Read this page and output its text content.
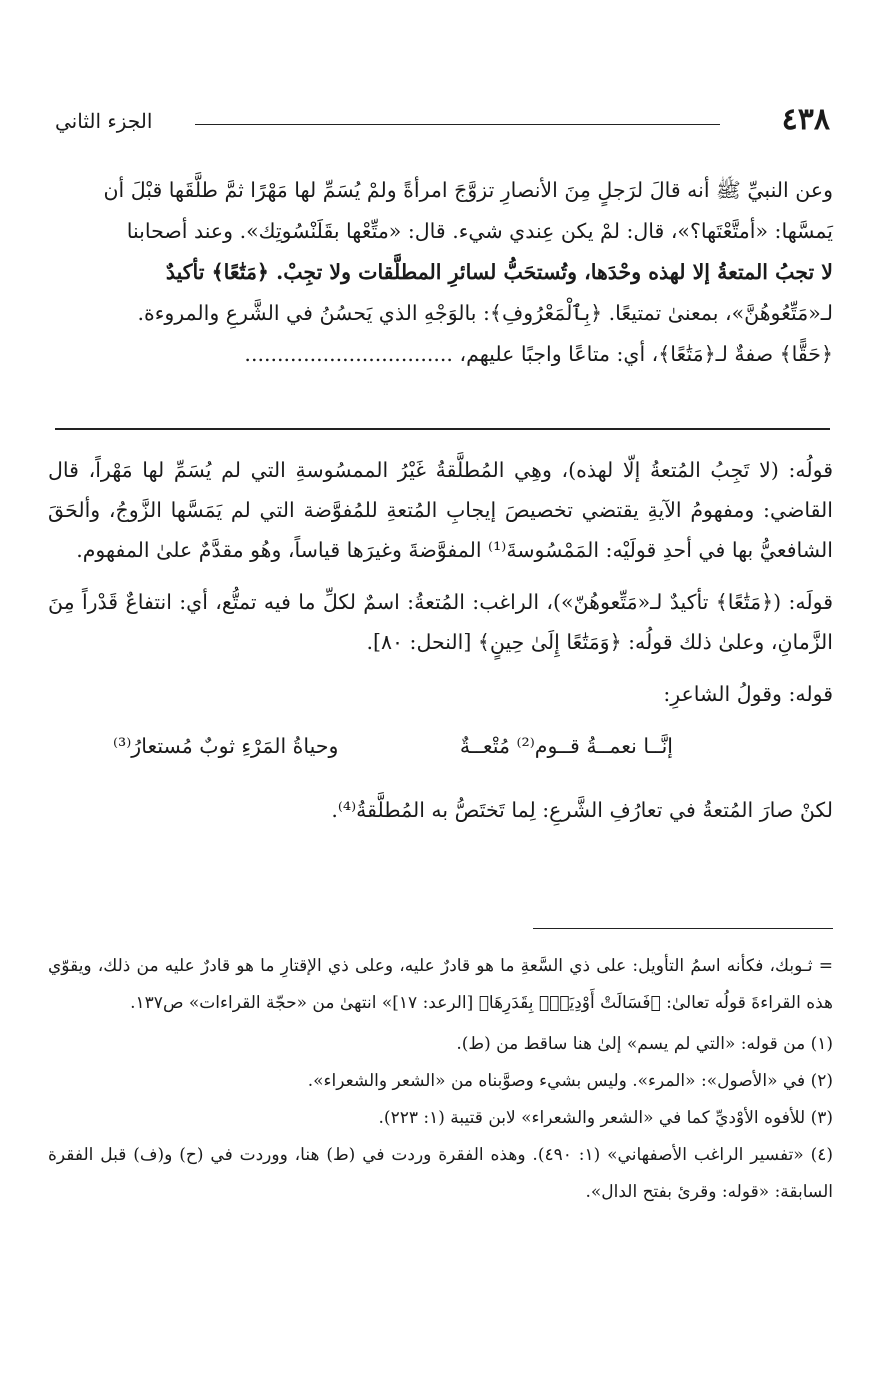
٤٣٨
الجزء الثاني

وعن النبيِّ ﷺ أنه قالَ لرَجلٍ مِنَ الأنصارِ تزوَّجَ امرأةً ولمْ يُسَمِّ لها مَهْرًا ثمَّ طلَّقَها قبْلَ أن

يَمسَّها: «أمتَّعْتَها؟»، قال: لمْ يكن عِندي شيء. قال: «متِّعْها بقَلَنْسُوتِك». وعند أصحابنا

لا تجبُ المتعةُ إلا لهذه وحْدَها، وتُستحَبُّ لسائرِ المطلَّقات ولا تجِبْ. ﴿مَتَٰعًا﴾ تأكيدٌ

لـ«مَتِّعُوهُنَّ»، بمعنىٰ تمتيعًا. ﴿بِٱلْمَعْرُوفِ﴾: بالوَجْهِ الذي يَحسُنُ في الشَّرعِ والمروءة.

﴿حَقًّا﴾ صفةٌ لـ﴿مَتَٰعًا﴾، أي: متاعًا واجبًا عليهم، ................................

قولُه: (لا تَجِبُ المُتعةُ إلّا لهذه)، وهِي المُطلَّقةُ غَيْرُ الممسُوسةِ التي لم يُسَمِّ لها مَهْراً، قال القاضي: ومفهومُ الآيةِ يقتضي تخصيصَ إيجابِ المُتعةِ للمُفوَّضة التي لم يَمَسَّها الزَّوجُ، وألحَقَ الشافعيُّ بها في أحدِ قولَيْه: المَمْسُوسةَ⁽¹⁾ المفوَّضةَ وغيرَها قياساً، وهُو مقدَّمٌ علىٰ المفهوم.

قولَه: (﴿مَتَٰعًا﴾ تأكيدٌ لـ«مَتِّعوهُنّ»)، الراغب: المُتعةُ: اسمٌ لكلِّ ما فيه تمتُّع، أي: انتفاعٌ قَدْراً مِنَ الزَّمانِ، وعلىٰ ذلك قولُه: ﴿وَمَتَٰعًا إِلَىٰ حِينٍ﴾ [النحل: ٨٠].

قوله: وقولُ الشاعرِ:

إنَّــا نعمــةُ قــوم⁽²⁾ مُتْعــةٌ
وحياةُ المَرْءِ ثوبٌ مُستعارُ⁽³⁾

لكنْ صارَ المُتعةُ في تعارُفِ الشَّرعِ: لِما تَختَصُّ به المُطلَّقةُ⁽⁴⁾.

= ثـوبك، فكأنه اسمُ التأويل: على ذي السَّعةِ ما هو قادرٌ عليه، وعلى ذي الإقتارِ ما هو قادرٌ عليه من ذلك، ويقوّي هذه القراءةَ قولُه تعالىٰ: ﴿فَسَالَتْ أَوْدِيَةٌۢ بِقَدَرِهَا﴾ [الرعد: ١٧]» انتهىٰ من «حجّة القراءات» ص١٣٧.

(١) من قوله: «التي لم يسم» إلىٰ هنا ساقط من (ط).

(٢) في «الأصول»: «المرء». وليس بشيء وصوَّبناه من «الشعر والشعراء».

(٣) للأفوه الأوْديِّ كما في «الشعر والشعراء» لابن قتيبة (١: ٢٢٣).

(٤) «تفسير الراغب الأصفهاني» (١: ٤٩٠). وهذه الفقرة وردت في (ط) هنا، ووردت في (ح) و(ف) قبل الفقرة السابقة: «قوله: وقرئ بفتح الدال».
